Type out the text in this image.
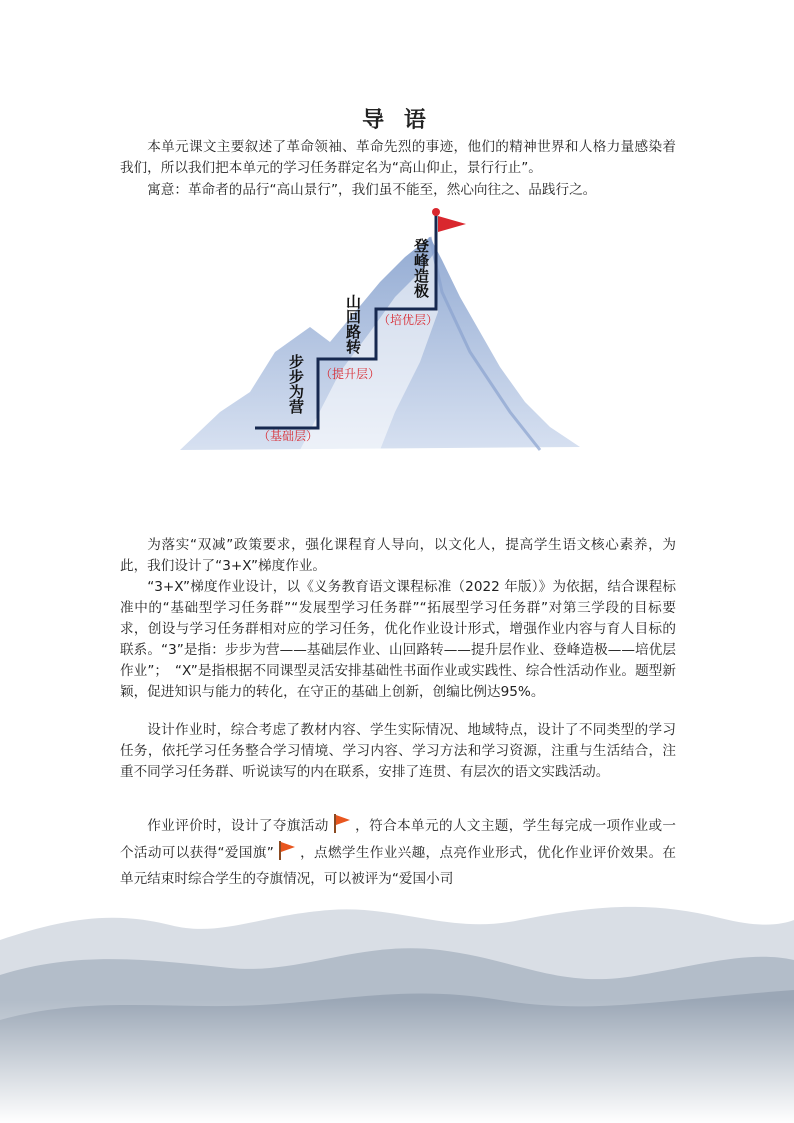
导 语

本单元课文主要叙述了革命领袖、革命先烈的事迹，他们的精神世界和人格力量感染着我们，所以我们把本单元的学习任务群定名为“高山仰止，景行行止”。

寓意：革命者的品行“高山景行”，我们虽不能至，然心向往之、品践行之。

步步为营
山回路转
登峰造极
（基础层）
（提升层）
（培优层）

为落实“双减”政策要求，强化课程育人导向，以文化人，提高学生语文核心素养，为此，我们设计了“3+X”梯度作业。

“3+X”梯度作业设计，以《义务教育语文课程标准（2022 年版）》为依据，结合课程标准中的“基础型学习任务群”“发展型学习任务群”“拓展型学习任务群”对第三学段的目标要求，创设与学习任务群相对应的学习任务，优化作业设计形式，增强作业内容与育人目标的联系。“3”是指：步步为营——基础层作业、山回路转——提升层作业、登峰造极——培优层作业”；　“X”是指根据不同课型灵活安排基础性书面作业或实践性、综合性活动作业。题型新颖，促进知识与能力的转化，在守正的基础上创新，创编比例达95%。

设计作业时，综合考虑了教材内容、学生实际情况、地域特点，设计了不同类型的学习任务，依托学习任务整合学习情境、学习内容、学习方法和学习资源，注重与生活结合，注重不同学习任务群、听说读写的内在联系，安排了连贯、有层次的语文实践活动。

作业评价时，设计了夺旗活动 ，符合本单元的人文主题，学生每完成一项作业或一个活动可以获得“爱国旗” ，点燃学生作业兴趣，点亮作业形式，优化作业评价效果。在单元结束时综合学生的夺旗情况，可以被评为“爱国小司
